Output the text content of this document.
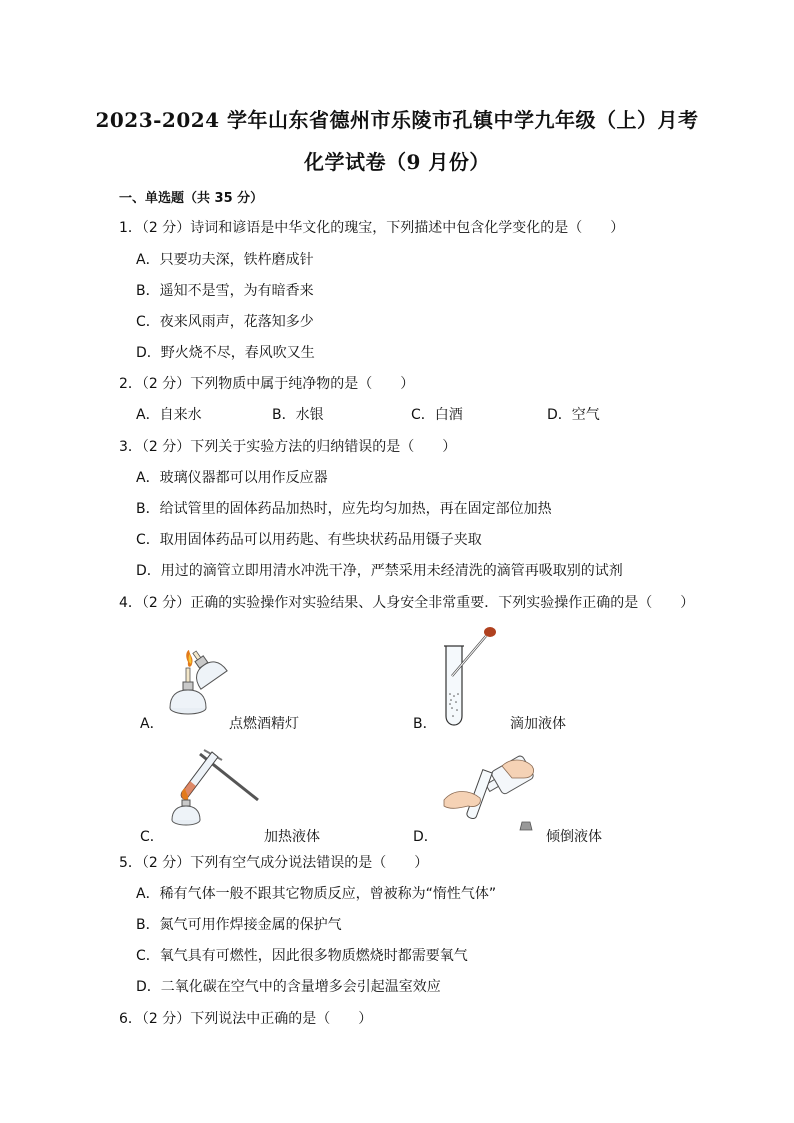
2023-2024 学年山东省德州市乐陵市孔镇中学九年级（上）月考
化学试卷（9 月份）
一、单选题（共 35 分）
1．（2 分）诗词和谚语是中华文化的瑰宝，下列描述中包含化学变化的是（　　）
A．只要功夫深，铁杵磨成针
B．遥知不是雪，为有暗香来
C．夜来风雨声，花落知多少
D．野火烧不尽，春风吹又生
2．（2 分）下列物质中属于纯净物的是（　　）
A．自来水	B．水银	C．白酒	D．空气
3．（2 分）下列关于实验方法的归纳错误的是（　　）
A．玻璃仪器都可以用作反应器
B．给试管里的固体药品加热时，应先均匀加热，再在固定部位加热
C．取用固体药品可以用药匙、有些块状药品用镊子夹取
D．用过的滴管立即用清水冲洗干净，严禁采用未经清洗的滴管再吸取别的试剂
4．（2 分）正确的实验操作对实验结果、人身安全非常重要．下列实验操作正确的是（　　）
A．	点燃酒精灯	B．	滴加液体
C．	加热液体	D．	倾倒液体
5．（2 分）下列有空气成分说法错误的是（　　）
A．稀有气体一般不跟其它物质反应，曾被称为“惰性气体”
B．氮气可用作焊接金属的保护气
C．氧气具有可燃性，因此很多物质燃烧时都需要氧气
D．二氧化碳在空气中的含量增多会引起温室效应
6．（2 分）下列说法中正确的是（　　）
